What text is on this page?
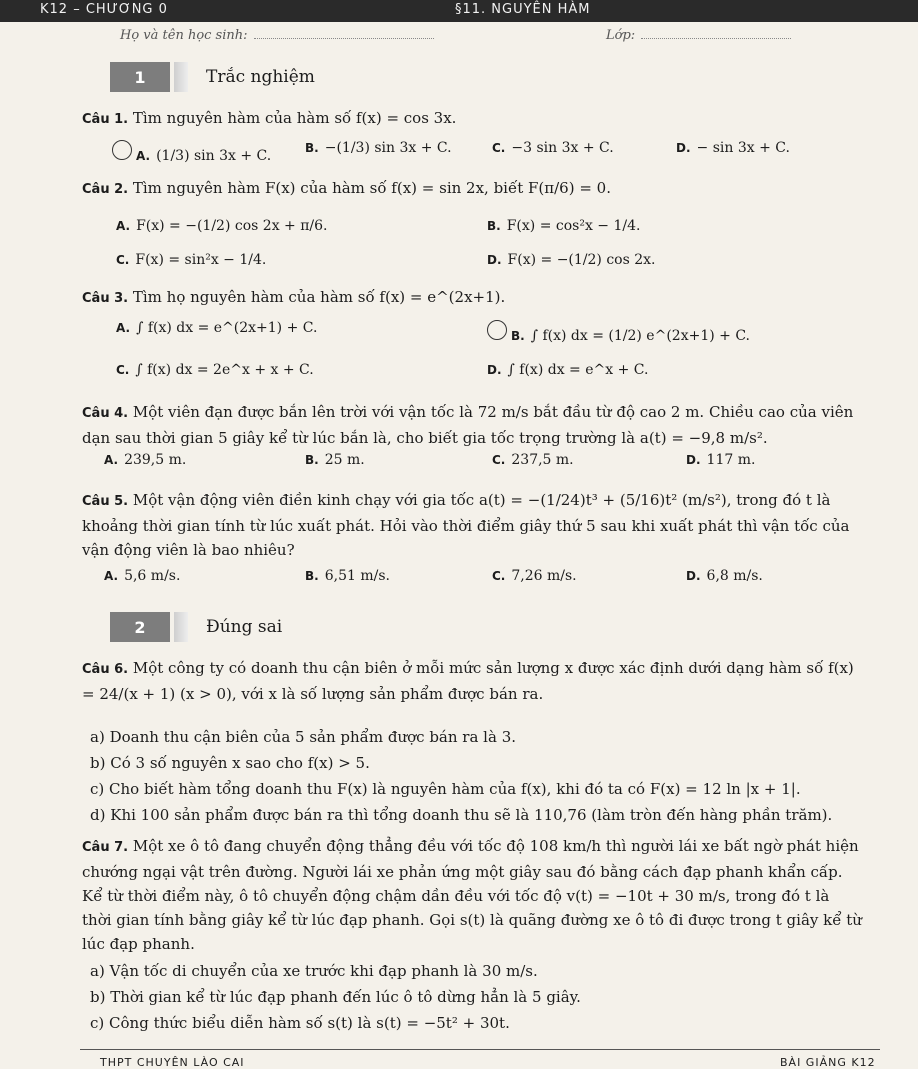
K12 – CHƯƠNG 0	§11. NGUYÊN HÀM
Họ và tên học sinh:	Lớp:
1	Trắc nghiệm
Câu 1. Tìm nguyên hàm của hàm số f(x) = cos 3x.
A. (1/3) sin 3x + C.	B. −(1/3) sin 3x + C.	C. −3 sin 3x + C.	D. − sin 3x + C.
Câu 2. Tìm nguyên hàm F(x) của hàm số f(x) = sin 2x, biết F(π/6) = 0.
A. F(x) = −(1/2) cos 2x + π/6.	B. F(x) = cos²x − 1/4.
C. F(x) = sin²x − 1/4.	D. F(x) = −(1/2) cos 2x.
Câu 3. Tìm họ nguyên hàm của hàm số f(x) = e^(2x+1).
A. ∫ f(x) dx = e^(2x+1) + C.	B. ∫ f(x) dx = (1/2) e^(2x+1) + C.
C. ∫ f(x) dx = 2e^x + x + C.	D. ∫ f(x) dx = e^x + C.
Câu 4. Một viên đạn được bắn lên trời với vận tốc là 72 m/s bắt đầu từ độ cao 2 m. Chiều cao của viên dạn sau thời gian 5 giây kể từ lúc bắn là, cho biết gia tốc trọng trường là a(t) = −9,8 m/s².
A. 239,5 m.	B. 25 m.	C. 237,5 m.	D. 117 m.
Câu 5. Một vận động viên điền kinh chạy với gia tốc a(t) = −(1/24)t³ + (5/16)t² (m/s²), trong đó t là khoảng thời gian tính từ lúc xuất phát. Hỏi vào thời điểm giây thứ 5 sau khi xuất phát thì vận tốc của vận động viên là bao nhiêu?
A. 5,6 m/s.	B. 6,51 m/s.	C. 7,26 m/s.	D. 6,8 m/s.
2	Đúng sai
Câu 6. Một công ty có doanh thu cận biên ở mỗi mức sản lượng x được xác định dưới dạng hàm số f(x) = 24/(x + 1) (x > 0), với x là số lượng sản phẩm được bán ra.
a) Doanh thu cận biên của 5 sản phẩm được bán ra là 3.
b) Có 3 số nguyên x sao cho f(x) > 5.
c) Cho biết hàm tổng doanh thu F(x) là nguyên hàm của f(x), khi đó ta có F(x) = 12 ln |x + 1|.
d) Khi 100 sản phẩm được bán ra thì tổng doanh thu sẽ là 110,76 (làm tròn đến hàng phần trăm).
Câu 7. Một xe ô tô đang chuyển động thẳng đều với tốc độ 108 km/h thì người lái xe bất ngờ phát hiện chướng ngại vật trên đường. Người lái xe phản ứng một giây sau đó bằng cách đạp phanh khẩn cấp. Kể từ thời điểm này, ô tô chuyển động chậm dần đều với tốc độ v(t) = −10t + 30 m/s, trong đó t là thời gian tính bằng giây kể từ lúc đạp phanh. Gọi s(t) là quãng đường xe ô tô đi được trong t giây kể từ lúc đạp phanh.
a) Vận tốc di chuyển của xe trước khi đạp phanh là 30 m/s.
b) Thời gian kể từ lúc đạp phanh đến lúc ô tô dừng hẳn là 5 giây.
c) Công thức biểu diễn hàm số s(t) là s(t) = −5t² + 30t.
THPT CHUYÊN LÀO CAI	BÀI GIẢNG K12
